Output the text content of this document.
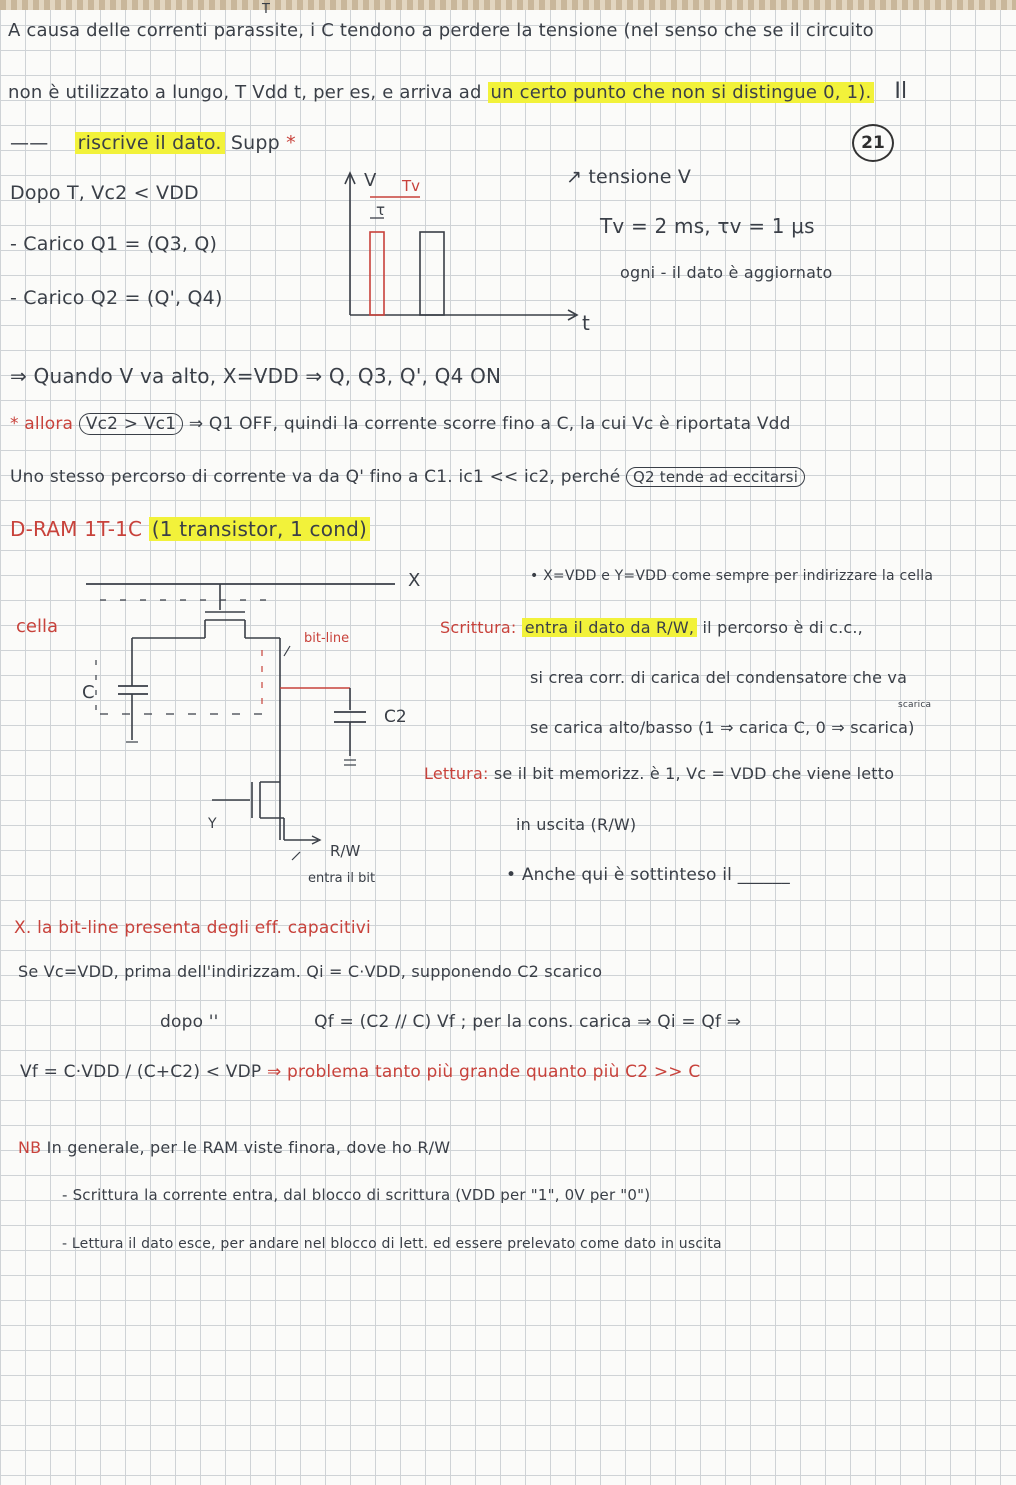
21
A causa delle correnti parassite, i C tendono a perdere la tensione (nel senso che se il circuito
T
non è utilizzato a lungo, T Vdd t, per es, e arriva ad un certo punto che non si distingue 0, 1). Il
—— riscrive il dato. Supp *
Dopo T, Vc2 < VDD
- Carico Q1 = (Q3, Q)
- Carico Q2 = (Q', Q4)
V
t
Tv
τ
↗ tensione V
Tv = 2 ms, τv = 1 μs
ogni - il dato è aggiornato
⇒ Quando V va alto, X=VDD ⇒ Q, Q3, Q', Q4 ON
* allora Vc2 > Vc1 ⇒ Q1 OFF, quindi la corrente scorre fino a C, la cui Vc è riportata Vdd
Uno stesso percorso di corrente va da Q' fino a C1. ic1 << ic2, perché Q2 tende ad eccitarsi
D-RAM 1T-1C (1 transistor, 1 cond)
X
cella
bit-line
C
C2
Y
R/W
entra il bit
• X=VDD e Y=VDD come sempre per indirizzare la cella
Scrittura: entra il dato da R/W, il percorso è di c.c.,
si crea corr. di carica del condensatore che va
scarica
se carica alto/basso (1 ⇒ carica C, 0 ⇒ scarica)
Lettura: se il bit memorizz. è 1, Vc = VDD che viene letto
in uscita (R/W)
• Anche qui è sottinteso il ______
X. la bit-line presenta degli eff. capacitivi
Se Vc=VDD, prima dell'indirizzam. Qi = C·VDD, supponendo C2 scarico
dopo ''	Qf = (C2 // C) Vf ; per la cons. carica ⇒ Qi = Qf ⇒
Vf = C·VDD / (C+C2) < VDP ⇒ problema tanto più grande quanto più C2 >> C
NB In generale, per le RAM viste finora, dove ho R/W
- Scrittura la corrente entra, dal blocco di scrittura (VDD per "1", 0V per "0")
- Lettura il dato esce, per andare nel blocco di lett. ed essere prelevato come dato in uscita
